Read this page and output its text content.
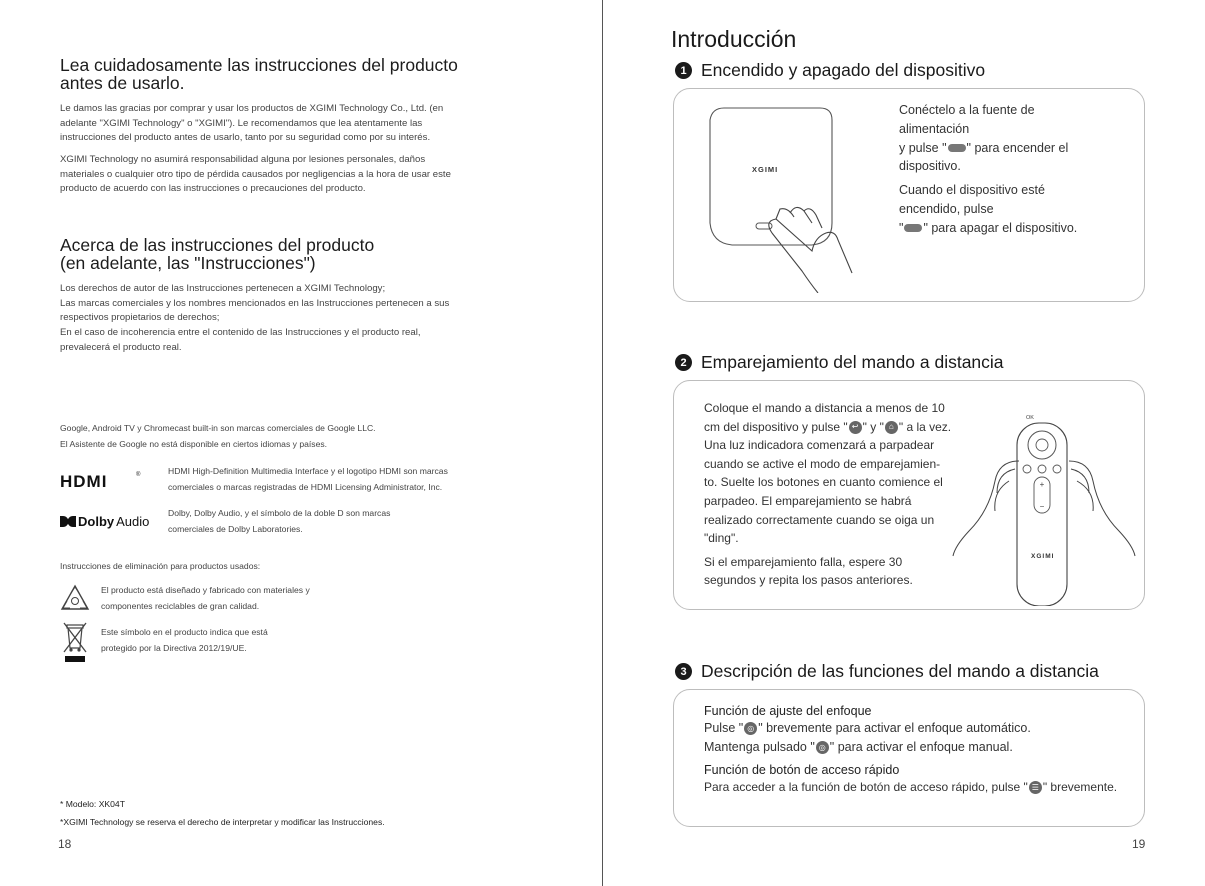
Lea cuidadosamente las instrucciones del producto
antes de usarlo.
Le damos las gracias por comprar y usar los productos de XGIMI Technology Co., Ltd. (en
adelante "XGIMI Technology" o "XGIMI"). Le recomendamos que lea atentamente las
instrucciones del producto antes de usarlo, tanto por su seguridad como por su interés.
XGIMI Technology no asumirá responsabilidad alguna por lesiones personales, daños
materiales o cualquier otro tipo de pérdida causados por negligencias a la hora de usar este
producto de acuerdo con las instrucciones o precauciones del producto.
Acerca de las instrucciones del producto
(en adelante, las "Instrucciones")
Los derechos de autor de las Instrucciones pertenecen a XGIMI Technology;
Las marcas comerciales y los nombres mencionados en las Instrucciones pertenecen a sus
respectivos propietarios de derechos;
En el caso de incoherencia entre el contenido de las Instrucciones y el producto real,
prevalecerá el producto real.
Google, Android TV y Chromecast built-in son marcas comerciales de Google LLC.
El Asistente de Google no está disponible en ciertos idiomas y países.
HDMI	®	HDMI High-Definition Multimedia Interface y el logotipo HDMI son marcas
comerciales o marcas registradas de HDMI Licensing Administrator, Inc.
Dolby Audio
Dolby, Dolby Audio, y el símbolo de la doble D son marcas
comerciales de Dolby Laboratories.
Instrucciones de eliminación para productos usados:
El producto está diseñado y fabricado con materiales y
componentes reciclables de gran calidad.
Este símbolo en el producto indica que está
protegido por la Directiva 2012/19/UE.
* Modelo: XK04T
*XGIMI Technology se reserva el derecho de interpretar y modificar las Instrucciones.
18
Introducción
1 Encendido y apagado del dispositivo
XGIMI

Conéctelo a la fuente de
alimentación
y pulse " " para encender el
dispositivo.

Cuando el dispositivo esté
encendido, pulse
" " para apagar el dispositivo.

2 Emparejamiento del mando a distancia

Coloque el mando a distancia a menos de 10
cm del dispositivo y pulse " ↩ " y " ⌂ " a la vez.
Una luz indicadora comenzará a parpadear
cuando se active el modo de emparejamien-
to. Suelte los botones en cuanto comience el
parpadeo. El emparejamiento se habrá
realizado correctamente cuando se oiga un
"ding".

Si el emparejamiento falla, espere 30
segundos y repita los pasos anteriores.

+
−
OK
XGIMI
3 Descripción de las funciones del mando a distancia
Función de ajuste del enfoque
Pulse " ◎ " brevemente para activar el enfoque automático.
Mantenga pulsado " ◎ " para activar el enfoque manual.
Función de botón de acceso rápido
Para acceder a la función de botón de acceso rápido, pulse " ☰ " brevemente.
19
